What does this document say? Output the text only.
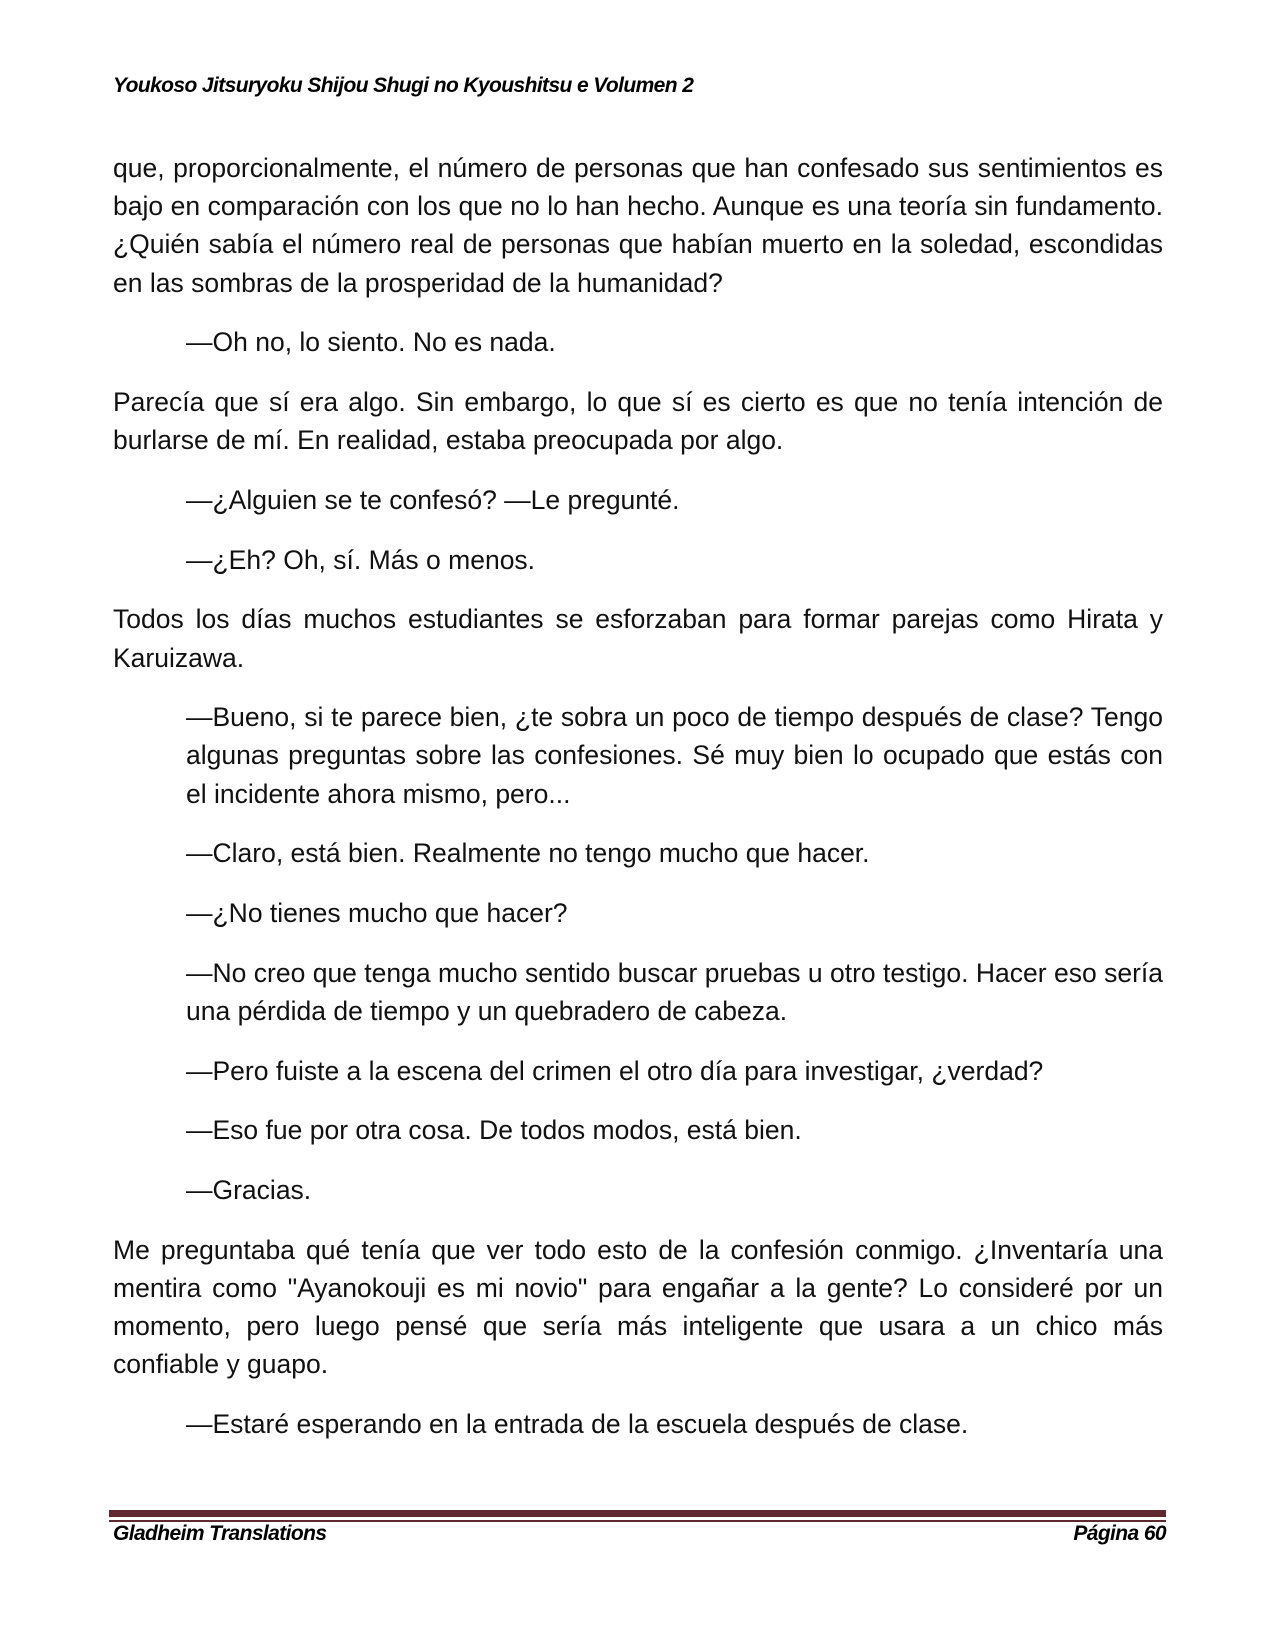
Youkoso Jitsuryoku Shijou Shugi no Kyoushitsu e Volumen 2

que, proporcionalmente, el número de personas que han confesado sus sentimientos es bajo en comparación con los que no lo han hecho. Aunque es una teoría sin fundamento. ¿Quién sabía el número real de personas que habían muerto en la soledad, escondidas en las sombras de la prosperidad de la humanidad?

—Oh no, lo siento. No es nada.

Parecía que sí era algo. Sin embargo, lo que sí es cierto es que no tenía intención de burlarse de mí. En realidad, estaba preocupada por algo.

—¿Alguien se te confesó? —Le pregunté.

—¿Eh? Oh, sí. Más o menos.

Todos los días muchos estudiantes se esforzaban para formar parejas como Hirata y Karuizawa.

—Bueno, si te parece bien, ¿te sobra un poco de tiempo después de clase? Tengo algunas preguntas sobre las confesiones. Sé muy bien lo ocupado que estás con el incidente ahora mismo, pero...

—Claro, está bien. Realmente no tengo mucho que hacer.

—¿No tienes mucho que hacer?

—No creo que tenga mucho sentido buscar pruebas u otro testigo. Hacer eso sería una pérdida de tiempo y un quebradero de cabeza.

—Pero fuiste a la escena del crimen el otro día para investigar, ¿verdad?

—Eso fue por otra cosa. De todos modos, está bien.

—Gracias.

Me preguntaba qué tenía que ver todo esto de la confesión conmigo. ¿Inventaría una mentira como "Ayanokouji es mi novio" para engañar a la gente? Lo consideré por un momento, pero luego pensé que sería más inteligente que usara a un chico más confiable y guapo.

—Estaré esperando en la entrada de la escuela después de clase.

Gladheim Translations	Página 60
